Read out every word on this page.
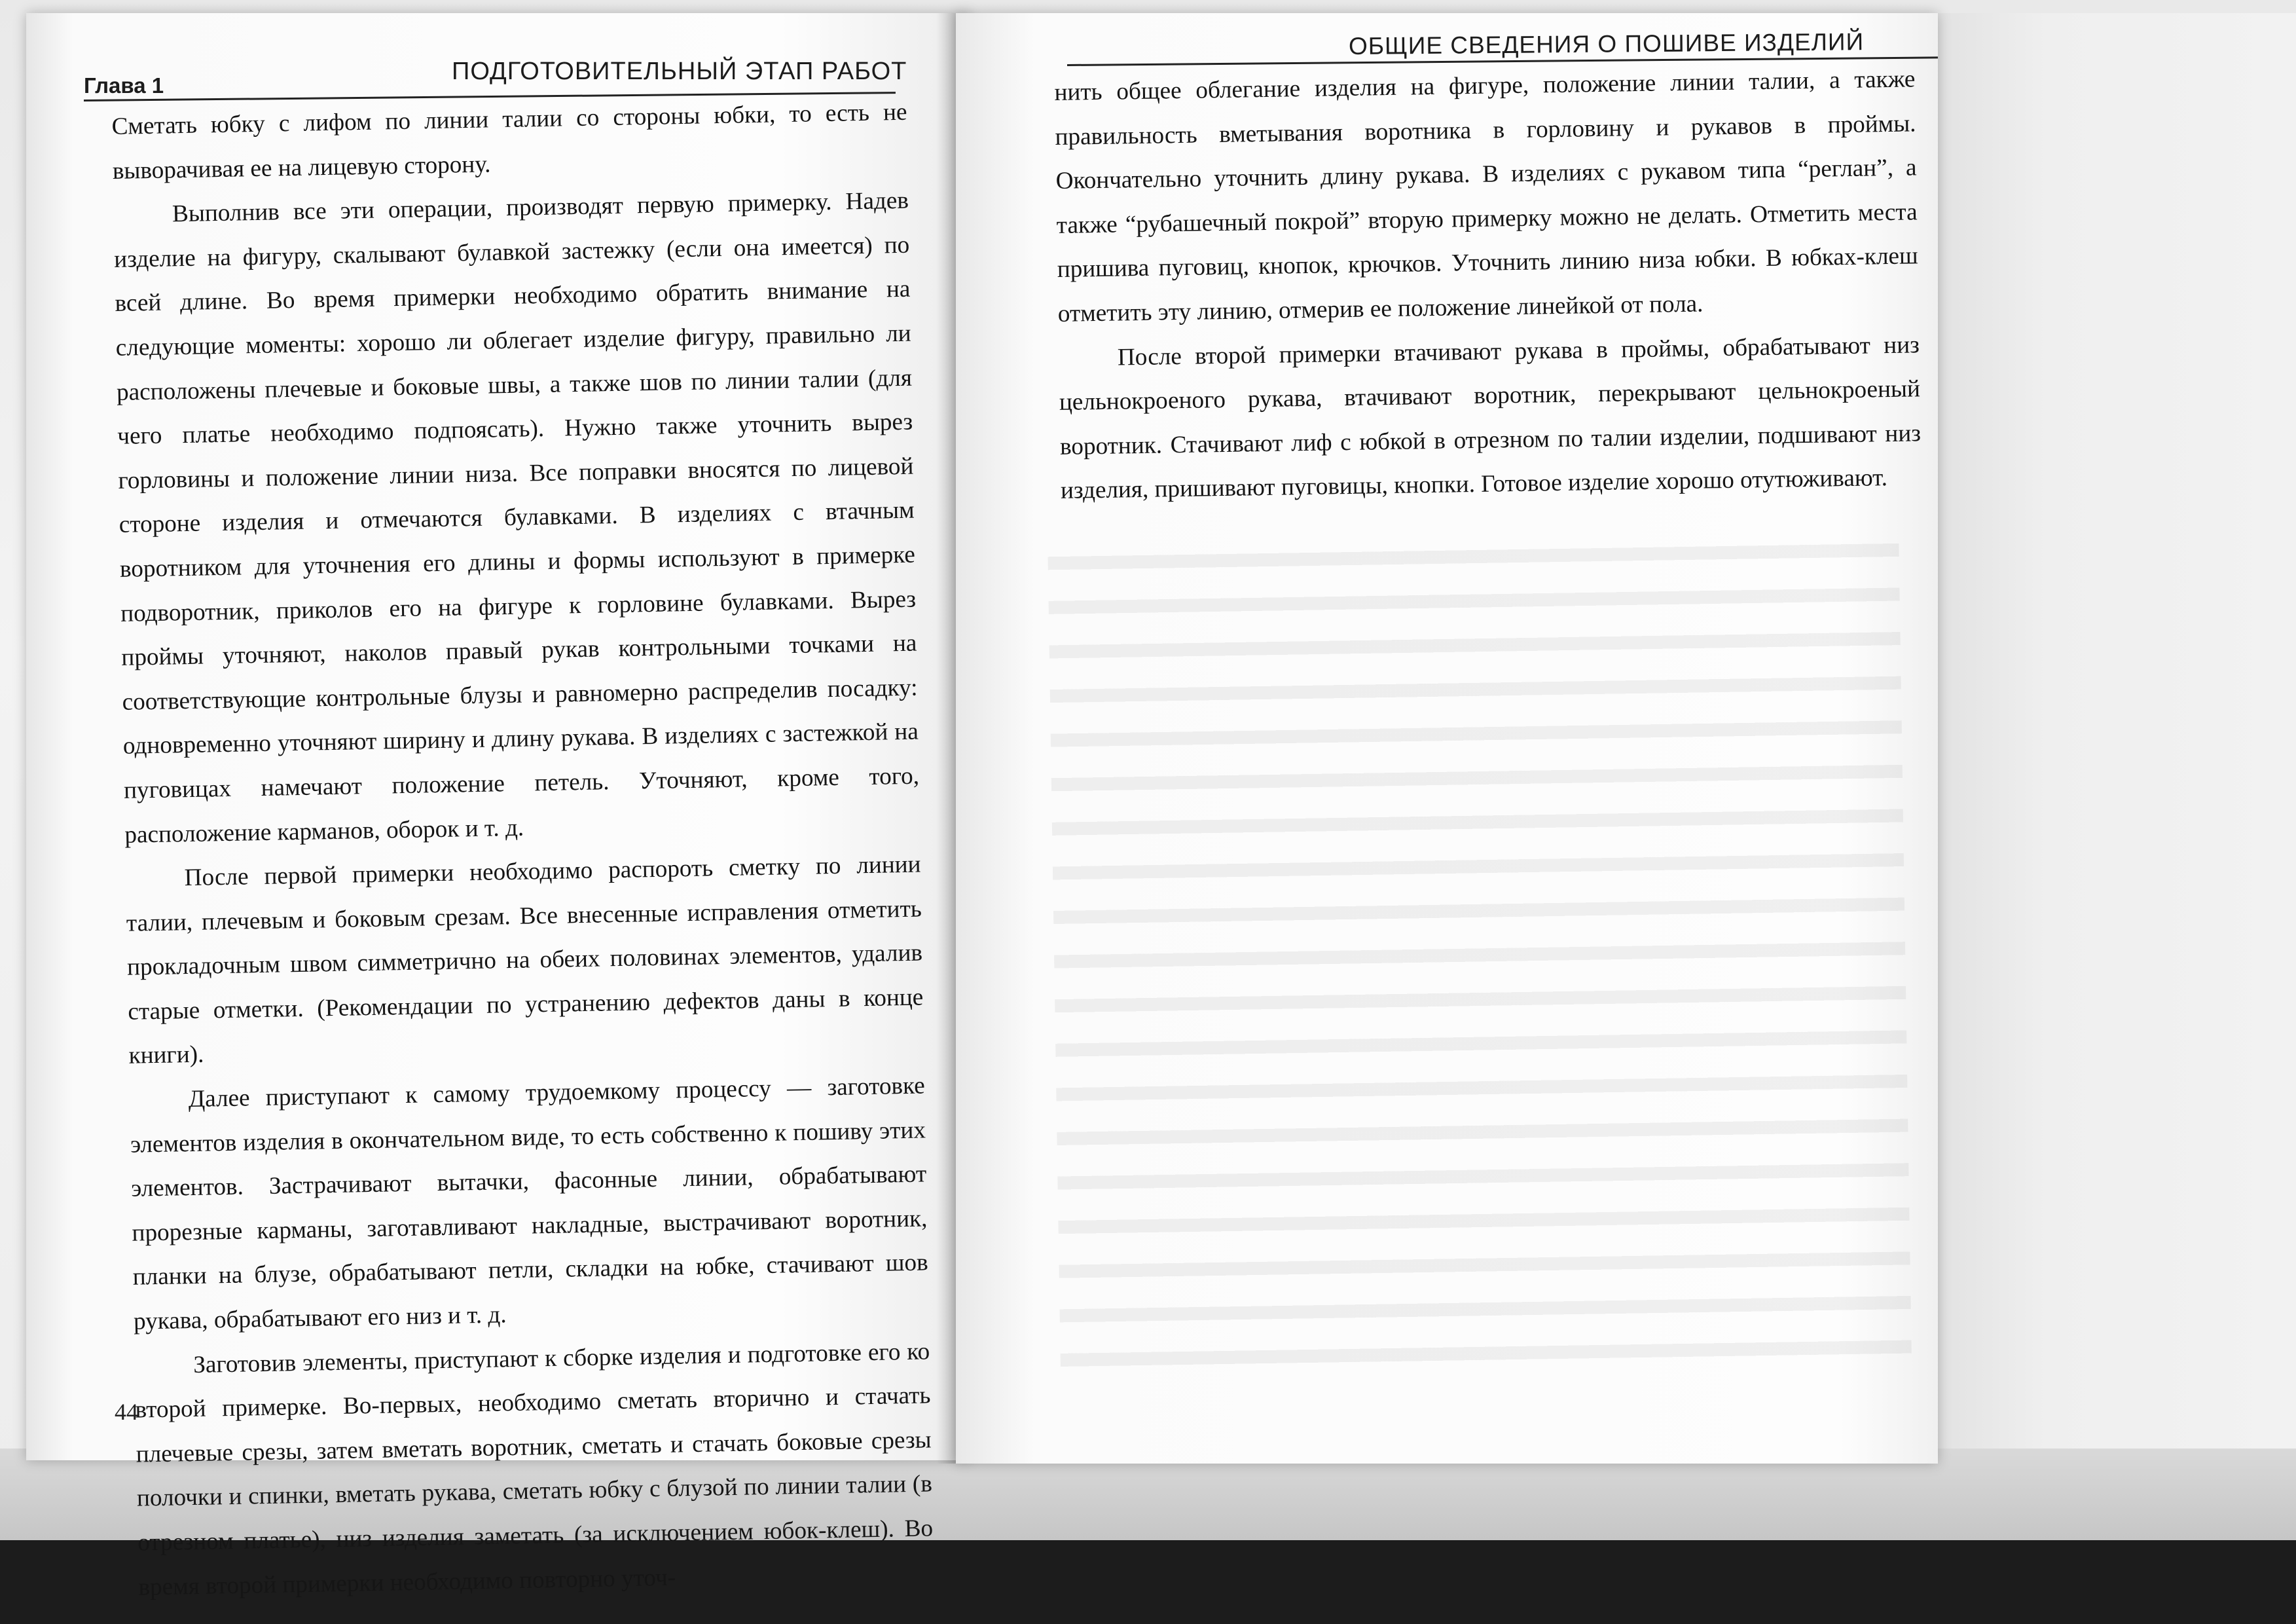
Глава 1
ПОДГОТОВИТЕЛЬНЫЙ ЭТАП РАБОТ

Сметать юбку с лифом по линии талии со стороны юбки, то есть не выворачивая ее на лицевую сторону.

Выполнив все эти операции, производят первую примерку. Надев изделие на фигуру, скалывают булавкой застежку (если она имеется) по всей длине. Во время примерки необходимо обратить внимание на следующие моменты: хорошо ли облегает изделие фигуру, правильно ли расположены плечевые и боковые швы, а также шов по линии талии (для чего платье необходимо подпоясать). Нужно также уточнить вырез горловины и положение линии низа. Все поправки вносятся по лицевой стороне изделия и отмечаются булавками. В изделиях с втачным воротником для уточнения его длины и формы используют в примерке подворотник, приколов его на фигуре к горловине булавками. Вырез проймы уточняют, наколов правый рукав контрольными точками на соответствующие контрольные блузы и равномерно распределив посадку: одновременно уточняют ширину и длину рукава. В изделиях с застежкой на пуговицах намечают положение петель. Уточняют, кроме того, расположение карманов, оборок и т. д.

После первой примерки необходимо распороть сметку по линии талии, плечевым и боковым срезам. Все внесенные исправления отметить прокладочным швом симметрично на обеих половинах элементов, удалив старые отметки. (Рекомендации по устранению дефектов даны в конце книги).

Далее приступают к самому трудоемкому процессу — заготовке элементов изделия в окончательном виде, то есть собственно к пошиву этих элементов. Застрачивают вытачки, фасонные линии, обрабатывают прорезные карманы, заготавливают накладные, выстрачивают воротник, планки на блузе, обрабатывают петли, складки на юбке, стачивают шов рукава, обрабатывают его низ и т. д.

Заготовив элементы, приступают к сборке изделия и подготовке его ко второй примерке. Во-первых, необходимо сметать вторично и стачать плечевые срезы, затем вметать воротник, сметать и стачать боковые срезы полочки и спинки, вметать рукава, сметать юбку с блузой по линии талии (в отрезном платье), низ изделия заметать (за исключением юбок-клеш). Во время второй примерки необходимо повторно уточ-

44
ОБЩИЕ СВЕДЕНИЯ О ПОШИВЕ ИЗДЕЛИЙ

нить общее облегание изделия на фигуре, положение линии талии, а также правильность вметывания воротника в горловину и рукавов в проймы. Окончательно уточнить длину рукава. В изделиях с рукавом типа “реглан”, а также “рубашечный покрой” вторую примерку можно не делать. Отметить места пришива пуговиц, кнопок, крючков. Уточнить линию низа юбки. В юбках-клеш отметить эту линию, отмерив ее положение линейкой от пола.

После второй примерки втачивают рукава в проймы, обрабатывают низ цельнокроеного рукава, втачивают воротник, перекрывают цельнокроеный воротник. Стачивают лиф с юбкой в отрезном по талии изделии, подшивают низ изделия, пришивают пуговицы, кнопки. Готовое изделие хорошо отутюживают.
